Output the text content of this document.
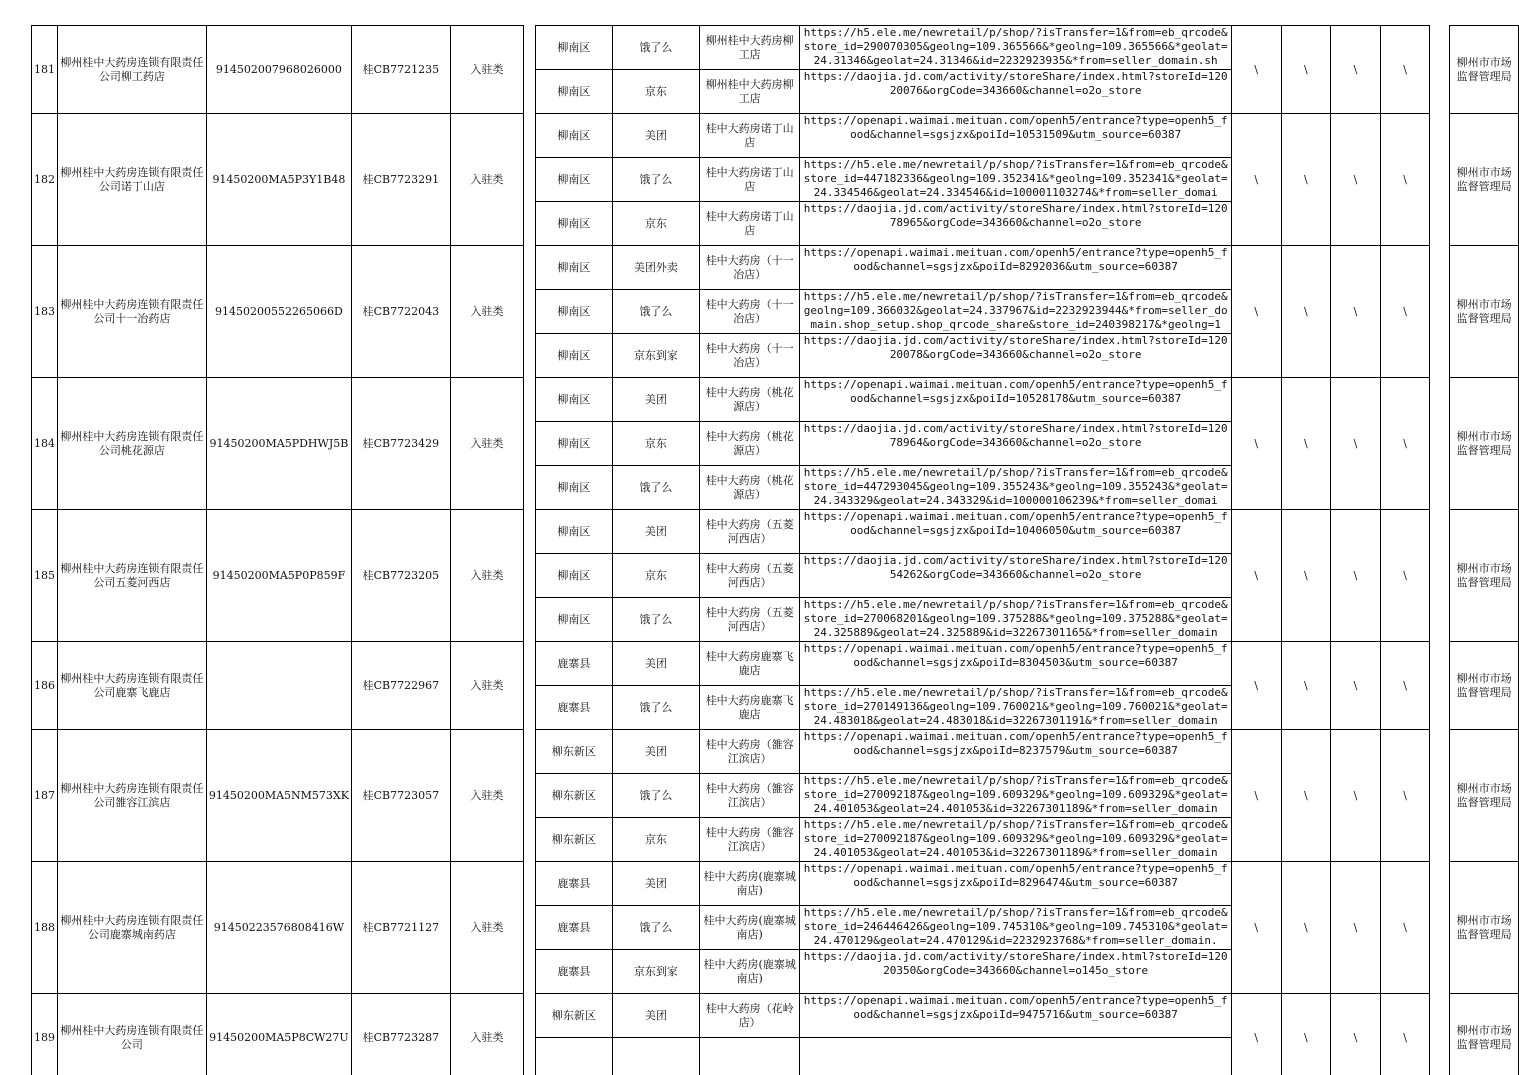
181	柳州桂中大药房连锁有限责任公司柳工药店	914502007968026000	桂CB7721235	入驻类		柳南区	饿了么	柳州桂中大药房柳工店	https://h5.ele.me/newretail/p/shop/?isTransfer=1&from=eb_qrcode&store_id=290070305&geolng=109.365566&*geolng=109.365566&*geolat=24.31346&geolat=24.31346&id=2232923935&*from=seller_domain.sh	\	\	\	\		柳州市市场监督管理局
						柳南区	京东	柳州桂中大药房柳工店	https://daojia.jd.com/activity/storeShare/index.html?storeId=12020076&orgCode=343660&channel=o2o_store						

182	柳州桂中大药房连锁有限责任公司诺丁山店	91450200MA5P3Y1B48	桂CB7723291	入驻类		柳南区	美团	桂中大药房诺丁山店	https://openapi.waimai.meituan.com/openh5/entrance?type=openh5_food&channel=sgsjzx&poiId=10531509&utm_source=60387	\	\	\	\		柳州市市场监督管理局
						柳南区	饿了么	桂中大药房诺丁山店	https://h5.ele.me/newretail/p/shop/?isTransfer=1&from=eb_qrcode&store_id=447182336&geolng=109.352341&*geolng=109.352341&*geolat=24.334546&geolat=24.334546&id=100001103274&*from=seller_domai						

						柳南区	京东	桂中大药房诺丁山店	https://daojia.jd.com/activity/storeShare/index.html?storeId=12078965&orgCode=343660&channel=o2o_store						

183	柳州桂中大药房连锁有限责任公司十一冶药店	91450200552265066D	桂CB7722043	入驻类		柳南区	美团外卖	桂中大药房（十一冶店）	https://openapi.waimai.meituan.com/openh5/entrance?type=openh5_food&channel=sgsjzx&poiId=8292036&utm_source=60387	\	\	\	\		柳州市市场监督管理局
						柳南区	饿了么	桂中大药房（十一冶店）	https://h5.ele.me/newretail/p/shop/?isTransfer=1&from=eb_qrcode&geolng=109.366032&geolat=24.337967&id=2232923944&*from=seller_domain.shop_setup.shop_qrcode_share&store_id=240398217&*geolng=1						

						柳南区	京东到家	桂中大药房（十一冶店）	https://daojia.jd.com/activity/storeShare/index.html?storeId=12020078&orgCode=343660&channel=o2o_store						

184	柳州桂中大药房连锁有限责任公司桃花源店	91450200MA5PDHWJ5B	桂CB7723429	入驻类		柳南区	美团	桂中大药房（桃花源店）	https://openapi.waimai.meituan.com/openh5/entrance?type=openh5_food&channel=sgsjzx&poiId=10528178&utm_source=60387	\	\	\	\		柳州市市场监督管理局
						柳南区	京东	桂中大药房（桃花源店）	https://daojia.jd.com/activity/storeShare/index.html?storeId=12078964&orgCode=343660&channel=o2o_store						

						柳南区	饿了么	桂中大药房（桃花源店）	https://h5.ele.me/newretail/p/shop/?isTransfer=1&from=eb_qrcode&store_id=447293045&geolng=109.355243&*geolng=109.355243&*geolat=24.343329&geolat=24.343329&id=100000106239&*from=seller_domai						

185	柳州桂中大药房连锁有限责任公司五菱河西店	91450200MA5P0P859F	桂CB7723205	入驻类		柳南区	美团	桂中大药房（五菱河西店）	https://openapi.waimai.meituan.com/openh5/entrance?type=openh5_food&channel=sgsjzx&poiId=10406050&utm_source=60387	\	\	\	\		柳州市市场监督管理局
						柳南区	京东	桂中大药房（五菱河西店）	https://daojia.jd.com/activity/storeShare/index.html?storeId=12054262&orgCode=343660&channel=o2o_store						

						柳南区	饿了么	桂中大药房（五菱河西店）	https://h5.ele.me/newretail/p/shop/?isTransfer=1&from=eb_qrcode&store_id=270068201&geolng=109.375288&*geolng=109.375288&*geolat=24.325889&geolat=24.325889&id=32267301165&*from=seller_domain						

186	柳州桂中大药房连锁有限责任公司鹿寨飞鹿店		桂CB7722967	入驻类		鹿寨县	美团	桂中大药房鹿寨飞鹿店	https://openapi.waimai.meituan.com/openh5/entrance?type=openh5_food&channel=sgsjzx&poiId=8304503&utm_source=60387	\	\	\	\		柳州市市场监督管理局
						鹿寨县	饿了么	桂中大药房鹿寨飞鹿店	https://h5.ele.me/newretail/p/shop/?isTransfer=1&from=eb_qrcode&store_id=270149136&geolng=109.760021&*geolng=109.760021&*geolat=24.483018&geolat=24.483018&id=32267301191&*from=seller_domain						

187	柳州桂中大药房连锁有限责任公司雒容江滨店	91450200MA5NM573XK	桂CB7723057	入驻类		柳东新区	美团	桂中大药房（雒容江滨店）	https://openapi.waimai.meituan.com/openh5/entrance?type=openh5_food&channel=sgsjzx&poiId=8237579&utm_source=60387	\	\	\	\		柳州市市场监督管理局
						柳东新区	饿了么	桂中大药房（雒容江滨店）	https://h5.ele.me/newretail/p/shop/?isTransfer=1&from=eb_qrcode&store_id=270092187&geolng=109.609329&*geolng=109.609329&*geolat=24.401053&geolat=24.401053&id=32267301189&*from=seller_domain						

						柳东新区	京东	桂中大药房（雒容江滨店）	https://h5.ele.me/newretail/p/shop/?isTransfer=1&from=eb_qrcode&store_id=270092187&geolng=109.609329&*geolng=109.609329&*geolat=24.401053&geolat=24.401053&id=32267301189&*from=seller_domain						

188	柳州桂中大药房连锁有限责任公司鹿寨城南药店	91450223576808416W	桂CB7721127	入驻类		鹿寨县	美团	桂中大药房(鹿寨城南店)	https://openapi.waimai.meituan.com/openh5/entrance?type=openh5_food&channel=sgsjzx&poiId=8296474&utm_source=60387	\	\	\	\		柳州市市场监督管理局
						鹿寨县	饿了么	桂中大药房(鹿寨城南店)	https://h5.ele.me/newretail/p/shop/?isTransfer=1&from=eb_qrcode&store_id=246446426&geolng=109.745310&*geolng=109.745310&*geolat=24.470129&geolat=24.470129&id=2232923768&*from=seller_domain.						

						鹿寨县	京东到家	桂中大药房(鹿寨城南店)	https://daojia.jd.com/activity/storeShare/index.html?storeId=12020350&orgCode=343660&channel=o145o_store						

189	柳州桂中大药房连锁有限责任公司	91450200MA5P8CW27U	桂CB7723287	入驻类		柳东新区	美团	桂中大药房（花岭店）	https://openapi.waimai.meituan.com/openh5/entrance?type=openh5_food&channel=sgsjzx&poiId=9475716&utm_source=60387	\	\	\	\		柳州市市场监督管理局
